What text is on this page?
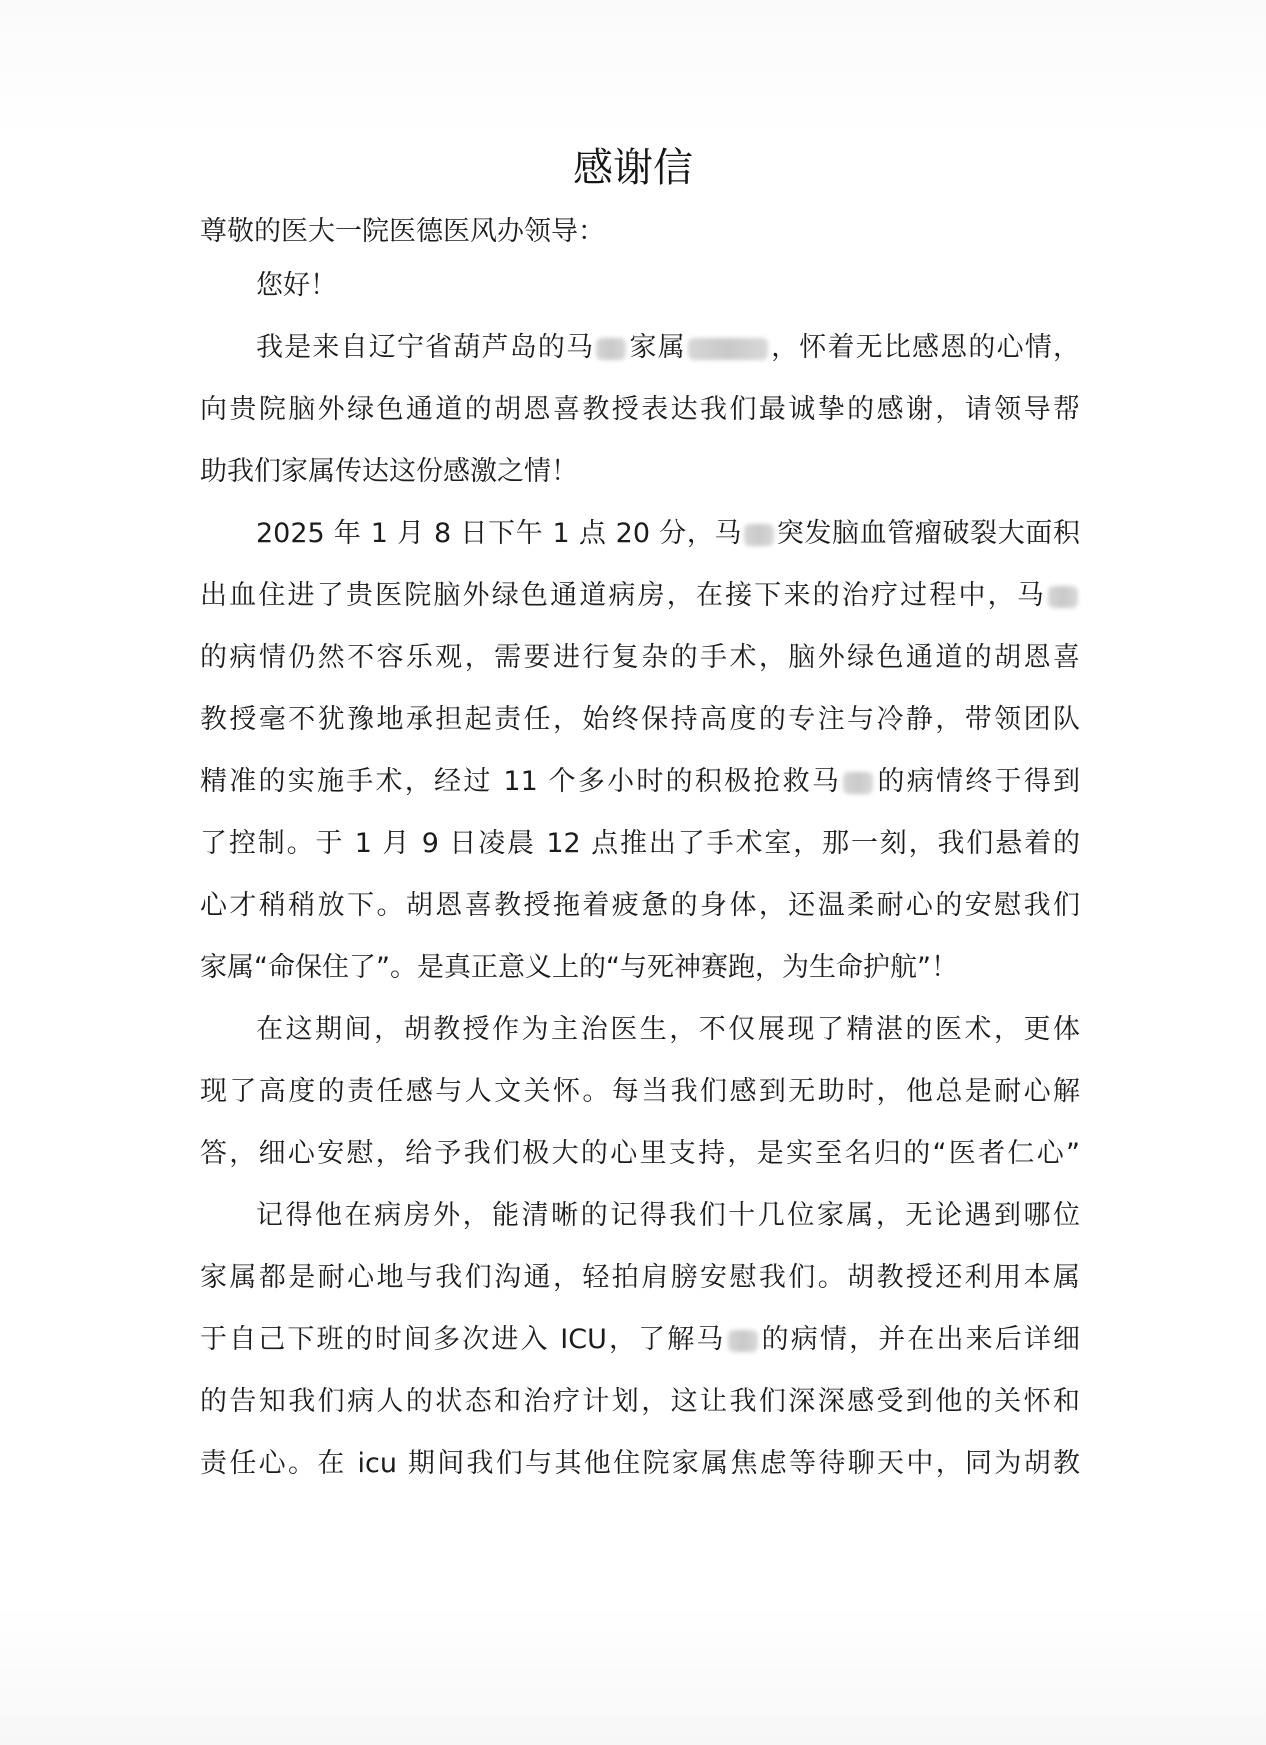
感谢信
尊敬的医大一院医德医风办领导：
您好！
我是来自辽宁省葫芦岛的马 家属	，怀着无比感恩的心情，
向贵院脑外绿色通道的胡恩喜教授表达我们最诚挚的感谢，请领导帮
助我们家属传达这份感激之情！
2025 年 1 月 8 日下午 1 点 20 分，马 突发脑血管瘤破裂大面积
出血住进了贵医院脑外绿色通道病房，在接下来的治疗过程中，马
的病情仍然不容乐观，需要进行复杂的手术，脑外绿色通道的胡恩喜
教授毫不犹豫地承担起责任，始终保持高度的专注与冷静，带领团队
精准的实施手术，经过 11 个多小时的积极抢救马 的病情终于得到
了控制。于 1 月 9 日凌晨 12 点推出了手术室，那一刻，我们悬着的
心才稍稍放下。胡恩喜教授拖着疲惫的身体，还温柔耐心的安慰我们
家属“命保住了”。是真正意义上的“与死神赛跑，为生命护航”！
在这期间，胡教授作为主治医生，不仅展现了精湛的医术，更体
现了高度的责任感与人文关怀。每当我们感到无助时，他总是耐心解
答，细心安慰，给予我们极大的心里支持，是实至名归的“医者仁心”
记得他在病房外，能清晰的记得我们十几位家属，无论遇到哪位
家属都是耐心地与我们沟通，轻拍肩膀安慰我们。胡教授还利用本属
于自己下班的时间多次进入 ICU，了解马 的病情，并在出来后详细
的告知我们病人的状态和治疗计划，这让我们深深感受到他的关怀和
责任心。在 icu 期间我们与其他住院家属焦虑等待聊天中，同为胡教
